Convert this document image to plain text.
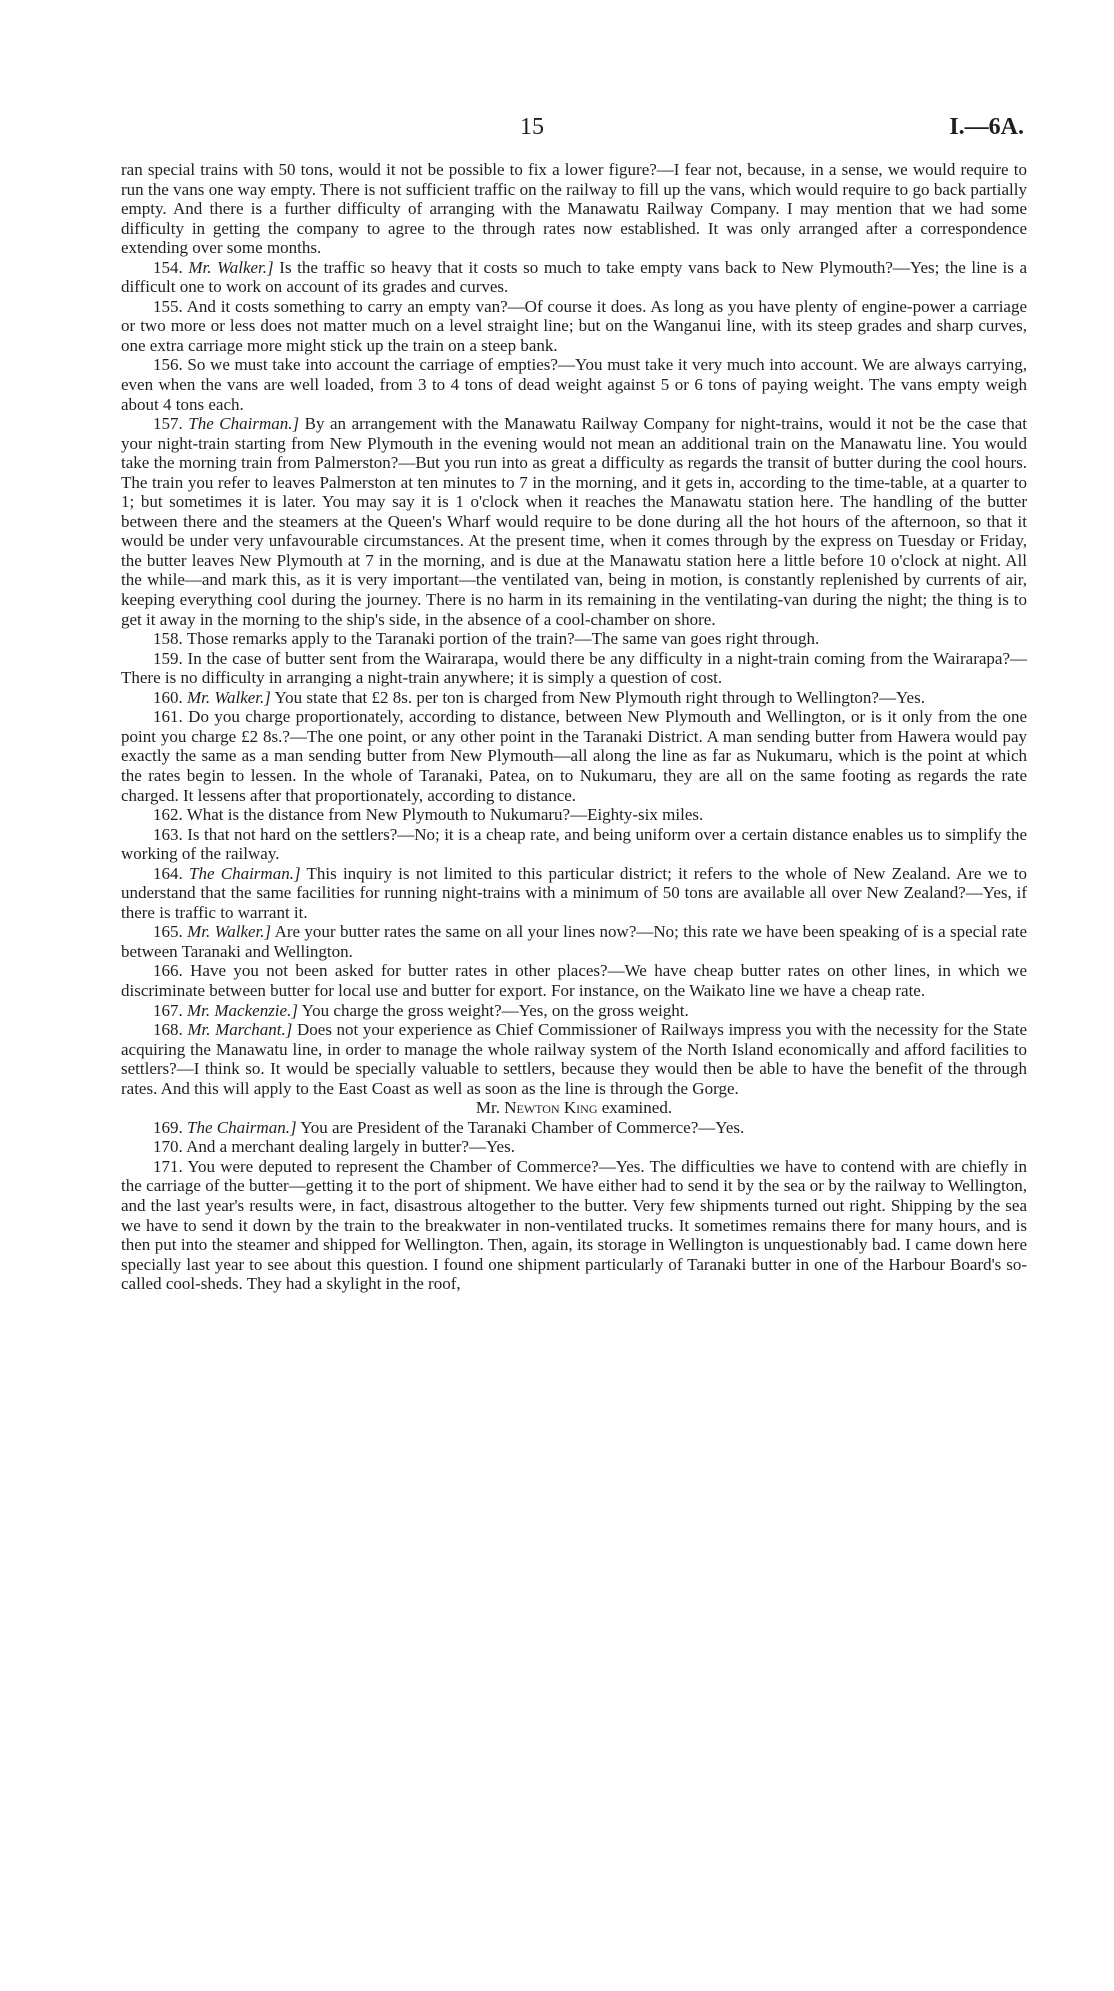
15	I.—6A.

ran special trains with 50 tons, would it not be possible to fix a lower figure?—I fear not, because, in a sense, we would require to run the vans one way empty. There is not sufficient traffic on the railway to fill up the vans, which would require to go back partially empty. And there is a further difficulty of arranging with the Manawatu Railway Company. I may mention that we had some difficulty in getting the company to agree to the through rates now established. It was only arranged after a correspondence extending over some months.

154. Mr. Walker.] Is the traffic so heavy that it costs so much to take empty vans back to New Plymouth?—Yes; the line is a difficult one to work on account of its grades and curves.

155. And it costs something to carry an empty van?—Of course it does. As long as you have plenty of engine-power a carriage or two more or less does not matter much on a level straight line; but on the Wanganui line, with its steep grades and sharp curves, one extra carriage more might stick up the train on a steep bank.

156. So we must take into account the carriage of empties?—You must take it very much into account. We are always carrying, even when the vans are well loaded, from 3 to 4 tons of dead weight against 5 or 6 tons of paying weight. The vans empty weigh about 4 tons each.

157. The Chairman.] By an arrangement with the Manawatu Railway Company for night-trains, would it not be the case that your night-train starting from New Plymouth in the evening would not mean an additional train on the Manawatu line. You would take the morning train from Palmerston?—But you run into as great a difficulty as regards the transit of butter during the cool hours. The train you refer to leaves Palmerston at ten minutes to 7 in the morning, and it gets in, according to the time-table, at a quarter to 1; but sometimes it is later. You may say it is 1 o'clock when it reaches the Manawatu station here. The handling of the butter between there and the steamers at the Queen's Wharf would require to be done during all the hot hours of the afternoon, so that it would be under very unfavourable circumstances. At the present time, when it comes through by the express on Tuesday or Friday, the butter leaves New Plymouth at 7 in the morning, and is due at the Manawatu station here a little before 10 o'clock at night. All the while—and mark this, as it is very important—the ventilated van, being in motion, is constantly replenished by currents of air, keeping everything cool during the journey. There is no harm in its remaining in the ventilating-van during the night; the thing is to get it away in the morning to the ship's side, in the absence of a cool-chamber on shore.

158. Those remarks apply to the Taranaki portion of the train?—The same van goes right through.

159. In the case of butter sent from the Wairarapa, would there be any difficulty in a night-train coming from the Wairarapa?—There is no difficulty in arranging a night-train anywhere; it is simply a question of cost.

160. Mr. Walker.] You state that £2 8s. per ton is charged from New Plymouth right through to Wellington?—Yes.

161. Do you charge proportionately, according to distance, between New Plymouth and Wellington, or is it only from the one point you charge £2 8s.?—The one point, or any other point in the Taranaki District. A man sending butter from Hawera would pay exactly the same as a man sending butter from New Plymouth—all along the line as far as Nukumaru, which is the point at which the rates begin to lessen. In the whole of Taranaki, Patea, on to Nukumaru, they are all on the same footing as regards the rate charged. It lessens after that proportionately, according to distance.

162. What is the distance from New Plymouth to Nukumaru?—Eighty-six miles.

163. Is that not hard on the settlers?—No; it is a cheap rate, and being uniform over a certain distance enables us to simplify the working of the railway.

164. The Chairman.] This inquiry is not limited to this particular district; it refers to the whole of New Zealand. Are we to understand that the same facilities for running night-trains with a minimum of 50 tons are available all over New Zealand?—Yes, if there is traffic to warrant it.

165. Mr. Walker.] Are your butter rates the same on all your lines now?—No; this rate we have been speaking of is a special rate between Taranaki and Wellington.

166. Have you not been asked for butter rates in other places?—We have cheap butter rates on other lines, in which we discriminate between butter for local use and butter for export. For instance, on the Waikato line we have a cheap rate.

167. Mr. Mackenzie.] You charge the gross weight?—Yes, on the gross weight.

168. Mr. Marchant.] Does not your experience as Chief Commissioner of Railways impress you with the necessity for the State acquiring the Manawatu line, in order to manage the whole railway system of the North Island economically and afford facilities to settlers?—I think so. It would be specially valuable to settlers, because they would then be able to have the benefit of the through rates. And this will apply to the East Coast as well as soon as the line is through the Gorge.

Mr. Newton King examined.

169. The Chairman.] You are President of the Taranaki Chamber of Commerce?—Yes.

170. And a merchant dealing largely in butter?—Yes.

171. You were deputed to represent the Chamber of Commerce?—Yes. The difficulties we have to contend with are chiefly in the carriage of the butter—getting it to the port of shipment. We have either had to send it by the sea or by the railway to Wellington, and the last year's results were, in fact, disastrous altogether to the butter. Very few shipments turned out right. Shipping by the sea we have to send it down by the train to the breakwater in non-ventilated trucks. It sometimes remains there for many hours, and is then put into the steamer and shipped for Wellington. Then, again, its storage in Wellington is unquestionably bad. I came down here specially last year to see about this question. I found one shipment particularly of Taranaki butter in one of the Harbour Board's so-called cool-sheds. They had a skylight in the roof,
